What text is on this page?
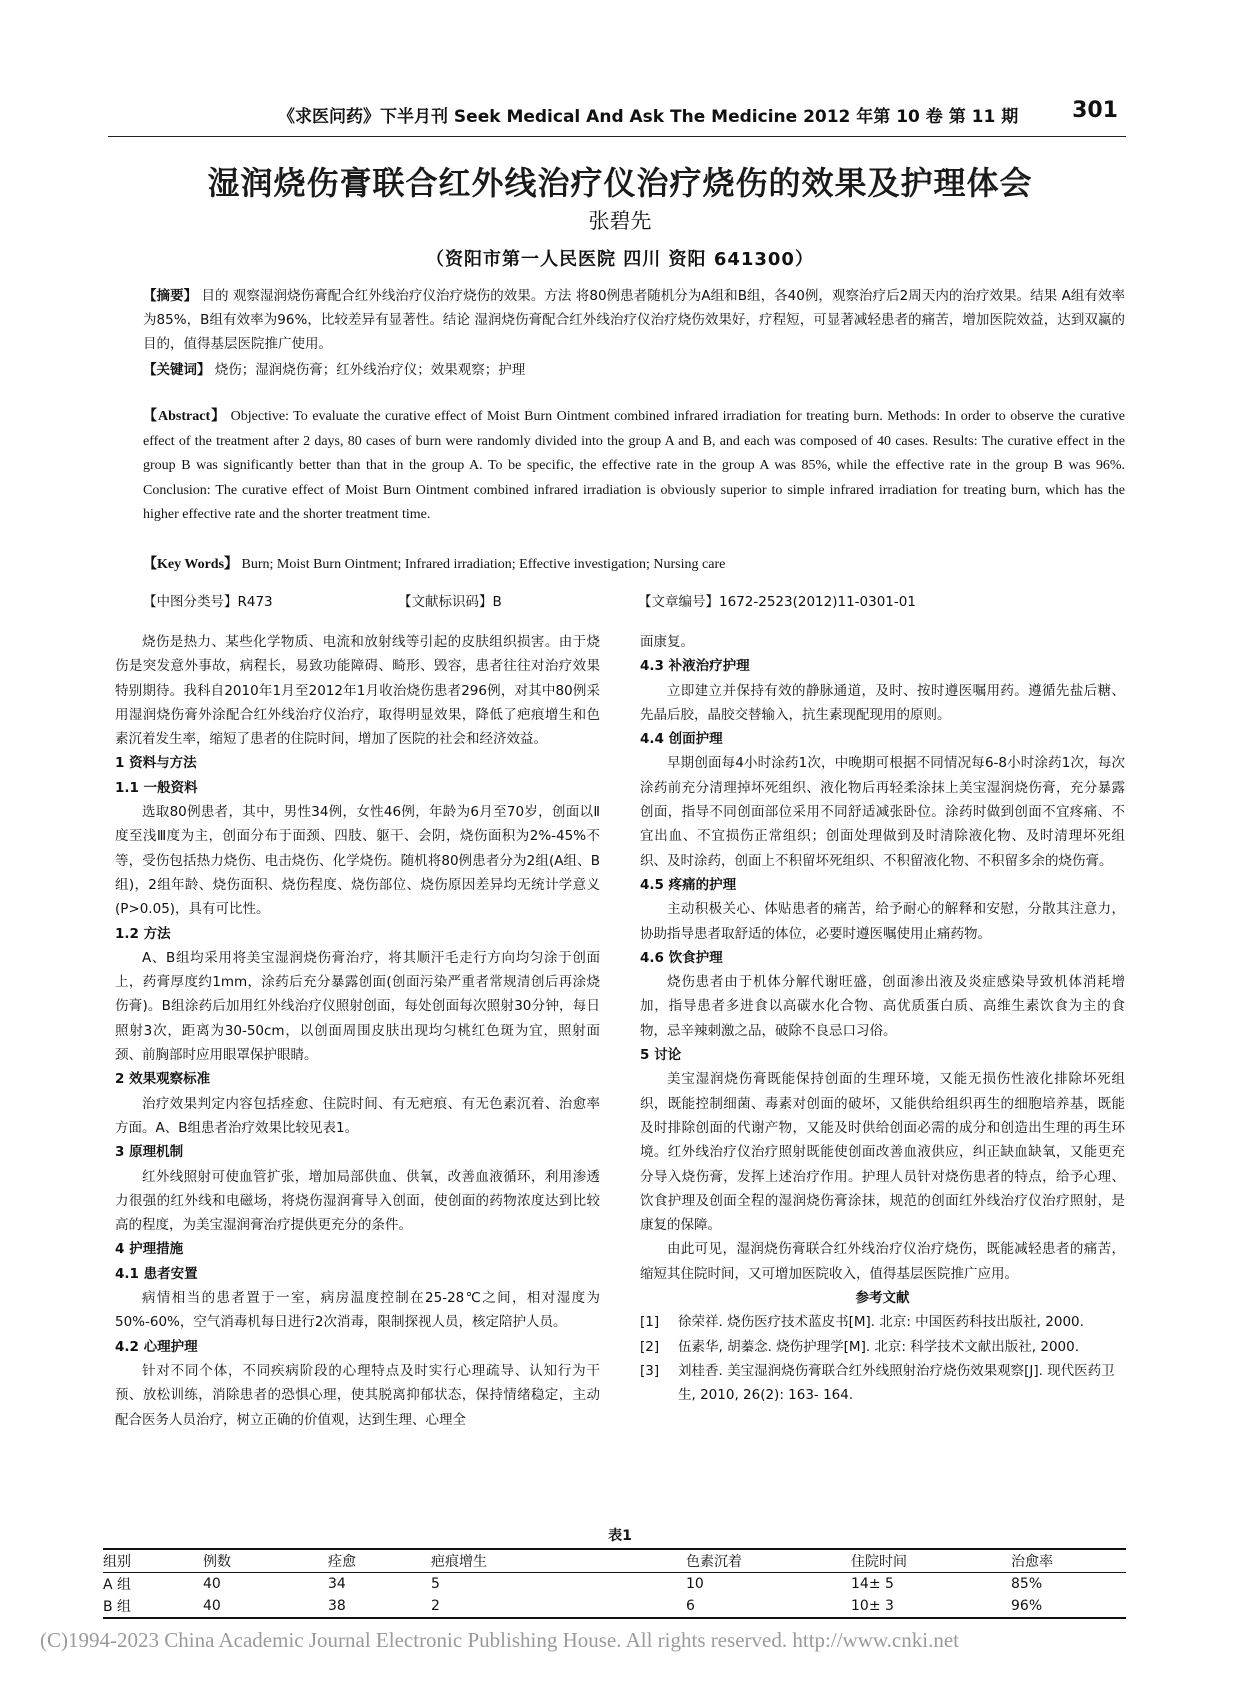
《求医问药》下半月刊 Seek Medical And Ask The Medicine 2012 年第 10 卷 第 11 期 301
湿润烧伤膏联合红外线治疗仪治疗烧伤的效果及护理体会
张碧先
（资阳市第一人民医院 四川 资阳 641300）
【摘要】 目的 观察湿润烧伤膏配合红外线治疗仪治疗烧伤的效果。方法 将80例患者随机分为A组和B组，各40例，观察治疗后2周天内的治疗效果。结果 A组有效率为85%，B组有效率为96%，比较差异有显著性。结论 湿润烧伤膏配合红外线治疗仪治疗烧伤效果好，疗程短，可显著减轻患者的痛苦，增加医院效益，达到双赢的目的，值得基层医院推广使用。
【关键词】 烧伤；湿润烧伤膏；红外线治疗仪；效果观察；护理
【Abstract】 Objective: To evaluate the curative effect of Moist Burn Ointment combined infrared irradiation for treating burn. Methods: In order to observe the curative effect of the treatment after 2 days, 80 cases of burn were randomly divided into the group A and B, and each was composed of 40 cases. Results: The curative effect in the group B was significantly better than that in the group A. To be specific, the effective rate in the group A was 85%, while the effective rate in the group B was 96%. Conclusion: The curative effect of Moist Burn Ointment combined infrared irradiation is obviously superior to simple infrared irradiation for treating burn, which has the higher effective rate and the shorter treatment time.
【Key Words】 Burn; Moist Burn Ointment; Infrared irradiation; Effective investigation; Nursing care
【中图分类号】R473	【文献标识码】B	【文章编号】1672-2523(2012)11-0301-01

烧伤是热力、某些化学物质、电流和放射线等引起的皮肤组织损害。由于烧伤是突发意外事故，病程长，易致功能障碍、畸形、毁容，患者往往对治疗效果特别期待。我科自2010年1月至2012年1月收治烧伤患者296例，对其中80例采用湿润烧伤膏外涂配合红外线治疗仪治疗，取得明显效果，降低了疤痕增生和色素沉着发生率，缩短了患者的住院时间，增加了医院的社会和经济效益。

1 资料与方法
1.1 一般资料

选取80例患者，其中，男性34例，女性46例，年龄为6月至70岁，创面以Ⅱ度至浅Ⅲ度为主，创面分布于面颈、四肢、躯干、会阴，烧伤面积为2%-45%不等，受伤包括热力烧伤、电击烧伤、化学烧伤。随机将80例患者分为2组(A组、B组)，2组年龄、烧伤面积、烧伤程度、烧伤部位、烧伤原因差异均无统计学意义(P>0.05)，具有可比性。

1.2 方法

A、B组均采用将美宝湿润烧伤膏治疗，将其顺汗毛走行方向均匀涂于创面上，药膏厚度约1mm，涂药后充分暴露创面(创面污染严重者常规清创后再涂烧伤膏)。B组涂药后加用红外线治疗仪照射创面，每处创面每次照射30分钟，每日照射3次，距离为30-50cm，以创面周围皮肤出现均匀桃红色斑为宜，照射面颈、前胸部时应用眼罩保护眼睛。

2 效果观察标准

治疗效果判定内容包括痊愈、住院时间、有无疤痕、有无色素沉着、治愈率方面。A、B组患者治疗效果比较见表1。

3 原理机制

红外线照射可使血管扩张，增加局部供血、供氧，改善血液循环，利用渗透力很强的红外线和电磁场，将烧伤湿润膏导入创面，使创面的药物浓度达到比较高的程度，为美宝湿润膏治疗提供更充分的条件。

4 护理措施
4.1 患者安置

病情相当的患者置于一室，病房温度控制在25-28℃之间，相对湿度为50%-60%，空气消毒机每日进行2次消毒，限制探视人员，核定陪护人员。

4.2 心理护理

针对不同个体，不同疾病阶段的心理特点及时实行心理疏导、认知行为干预、放松训练，消除患者的恐惧心理，使其脱离抑郁状态，保持情绪稳定，主动配合医务人员治疗，树立正确的价值观，达到生理、心理全

面康复。

4.3 补液治疗护理

立即建立并保持有效的静脉通道，及时、按时遵医嘱用药。遵循先盐后糖、先晶后胶，晶胶交替输入，抗生素现配现用的原则。

4.4 创面护理

早期创面每4小时涂药1次，中晚期可根据不同情况每6-8小时涂药1次，每次涂药前充分清理掉坏死组织、液化物后再轻柔涂抹上美宝湿润烧伤膏，充分暴露创面，指导不同创面部位采用不同舒适减张卧位。涂药时做到创面不宜疼痛、不宜出血、不宜损伤正常组织；创面处理做到及时清除液化物、及时清理坏死组织、及时涂药，创面上不积留坏死组织、不积留液化物、不积留多余的烧伤膏。

4.5 疼痛的护理

主动积极关心、体贴患者的痛苦，给予耐心的解释和安慰，分散其注意力，协助指导患者取舒适的体位，必要时遵医嘱使用止痛药物。

4.6 饮食护理

烧伤患者由于机体分解代谢旺盛，创面渗出液及炎症感染导致机体消耗增加，指导患者多进食以高碳水化合物、高优质蛋白质、高维生素饮食为主的食物，忌辛辣刺激之品，破除不良忌口习俗。

5 讨论

美宝湿润烧伤膏既能保持创面的生理环境，又能无损伤性液化排除坏死组织，既能控制细菌、毒素对创面的破坏，又能供给组织再生的细胞培养基，既能及时排除创面的代谢产物，又能及时供给创面必需的成分和创造出生理的再生环境。红外线治疗仪治疗照射既能使创面改善血液供应，纠正缺血缺氧，又能更充分导入烧伤膏，发挥上述治疗作用。护理人员针对烧伤患者的特点，给予心理、饮食护理及创面全程的湿润烧伤膏涂抹，规范的创面红外线治疗仪治疗照射，是康复的保障。

由此可见，湿润烧伤膏联合红外线治疗仪治疗烧伤，既能减轻患者的痛苦，缩短其住院时间，又可增加医院收入，值得基层医院推广应用。

参考文献
[1] 徐荣祥. 烧伤医疗技术蓝皮书[M]. 北京: 中国医药科技出版社, 2000.
[2] 伍素华, 胡蓁念. 烧伤护理学[M]. 北京: 科学技术文献出版社, 2000.
[3] 刘桂香. 美宝湿润烧伤膏联合红外线照射治疗烧伤效果观察[J]. 现代医药卫生, 2010, 26(2): 163- 164.
表1
组别	例数	痊愈	疤痕增生	色素沉着	住院时间	治愈率
A 组	40	34	5	10	14± 5	85%
B 组	40	38	2	6	10± 3	96%
(C)1994-2023 China Academic Journal Electronic Publishing House. All rights reserved. http://www.cnki.net
